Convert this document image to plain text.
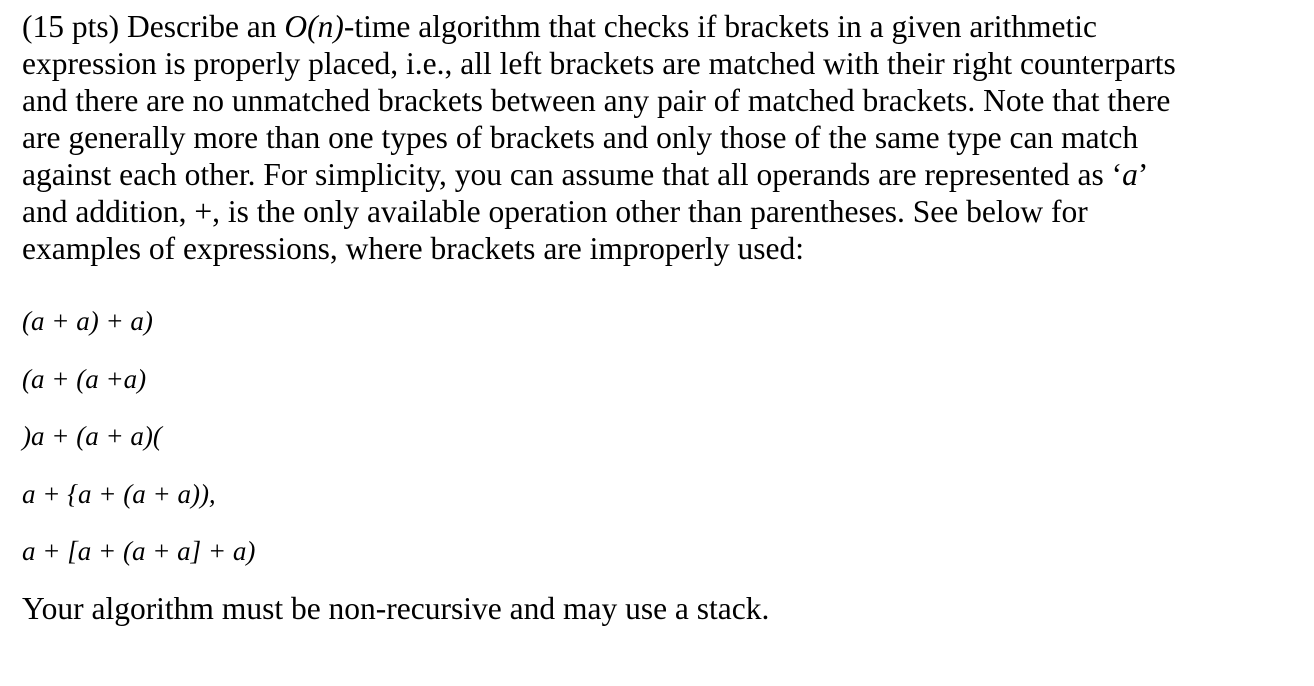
(15 pts) Describe an O(n)-time algorithm that checks if brackets in a given arithmetic
expression is properly placed, i.e., all left brackets are matched with their right counterparts
and there are no unmatched brackets between any pair of matched brackets. Note that there
are generally more than one types of brackets and only those of the same type can match
against each other. For simplicity, you can assume that all operands are represented as ‘a’
and addition, +, is the only available operation other than parentheses. See below for
examples of expressions, where brackets are improperly used:

(a + a) + a)
(a + (a +a)
)a + (a + a)(
a + {a + (a + a)),
a + [a + (a + a] + a)

Your algorithm must be non-recursive and may use a stack.
